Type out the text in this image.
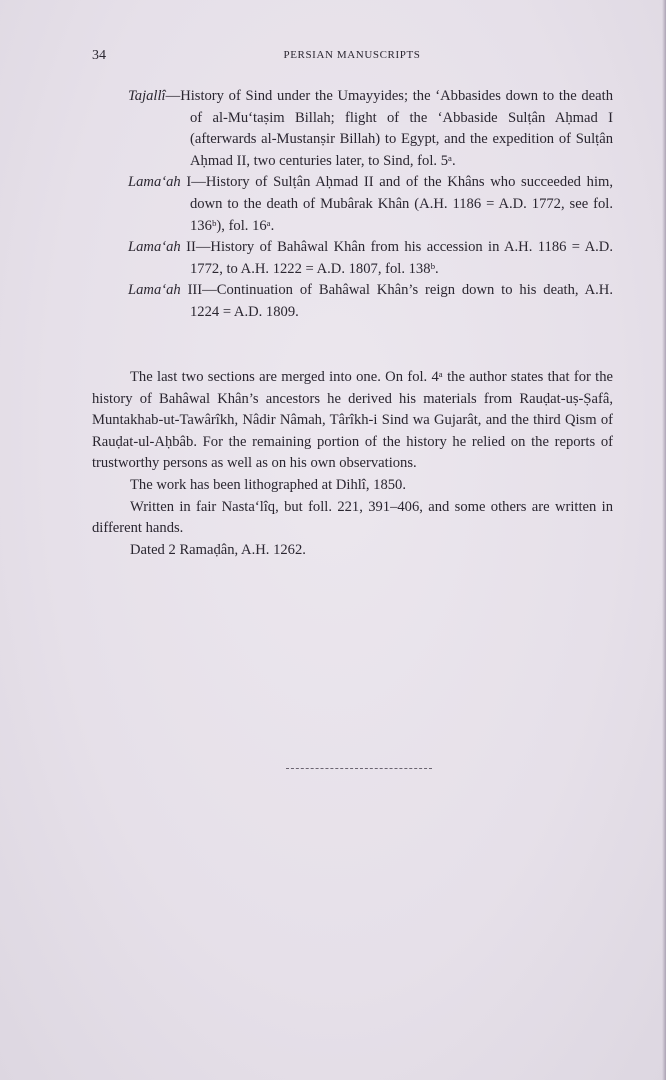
34	PERSIAN MANUSCRIPTS
Tajallî—History of Sind under the Umayyides; the ‘Abbasides down to the death of al-Mu‘taṣim Billah; flight of the ‘Abbaside Sulṭân Aḥmad I (afterwards al-Mustanṣir Billah) to Egypt, and the expedition of Sulṭân Aḥmad II, two centuries later, to Sind, fol. 5ᵃ.
Lama‘ah I—History of Sulṭân Aḥmad II and of the Khâns who succeeded him, down to the death of Mubârak Khân (A.H. 1186 = A.D. 1772, see fol. 136ᵇ), fol. 16ᵃ.
Lama‘ah II—History of Bahâwal Khân from his accession in A.H. 1186 = A.D. 1772, to A.H. 1222 = A.D. 1807, fol. 138ᵇ.
Lama‘ah III—Continuation of Bahâwal Khân’s reign down to his death, A.H. 1224 = A.D. 1809.

The last two sections are merged into one. On fol. 4ᵃ the author states that for the history of Bahâwal Khân’s ancestors he derived his materials from Rauḍat-uṣ-Ṣafâ, Muntakhab-ut-Tawârîkh, Nâdir Nâmah, Târîkh-i Sind wa Gujarât, and the third Qism of Rauḍat-ul-Aḥbâb. For the remaining portion of the history he relied on the reports of trustworthy persons as well as on his own observations.

The work has been lithographed at Dihlî, 1850.

Written in fair Nasta‘lîq, but foll. 221, 391–406, and some others are written in different hands.

Dated 2 Ramaḍân, A.H. 1262.
